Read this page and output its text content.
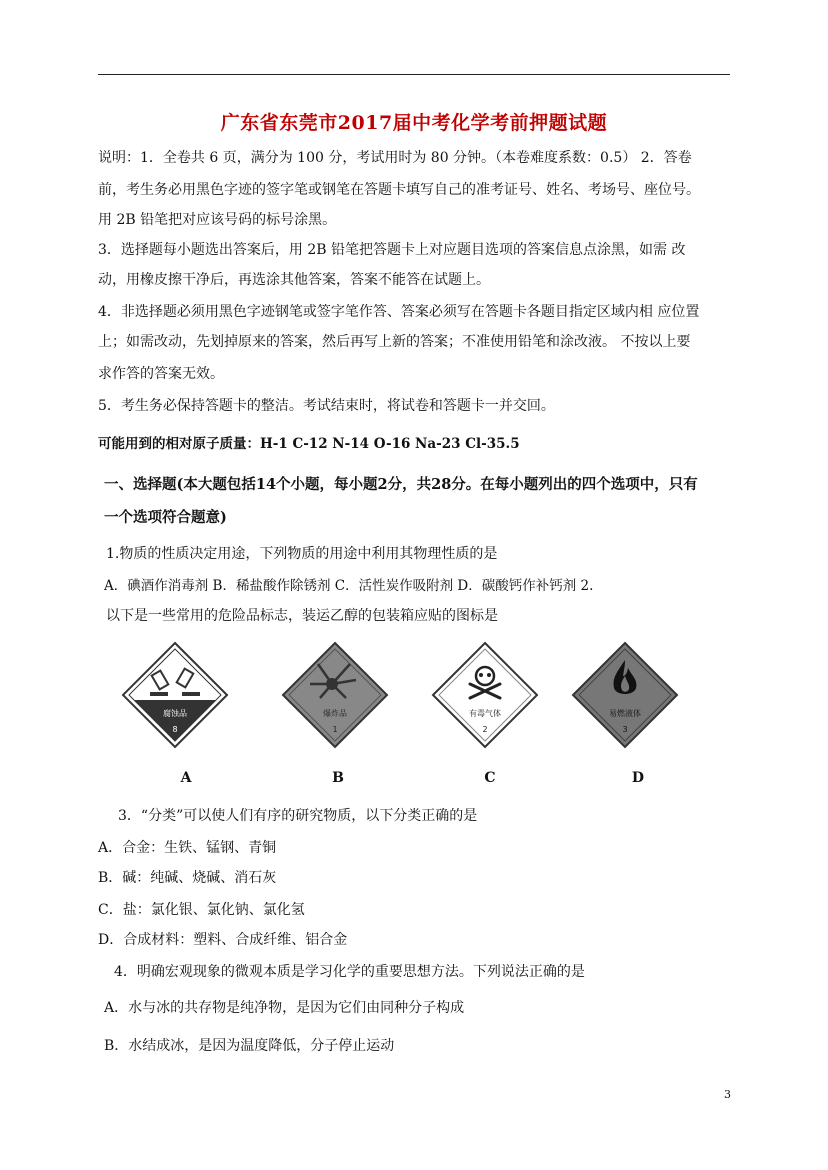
广东省东莞市2017届中考化学考前押题试题
说明：1．全卷共 6 页，满分为 100 分，考试用时为 80 分钟。（本卷难度系数：0.5） 2．答卷
前，考生务必用黑色字迹的签字笔或钢笔在答题卡填写自己的准考证号、姓名、考场号、座位号。
用 2B 铅笔把对应该号码的标号涂黑。
3．选择题每小题选出答案后，用 2B 铅笔把答题卡上对应题目选项的答案信息点涂黑，如需 改
动，用橡皮擦干净后，再选涂其他答案，答案不能答在试题上。
4．非选择题必须用黑色字迹钢笔或签字笔作答、答案必须写在答题卡各题目指定区域内相 应位置
上；如需改动，先划掉原来的答案，然后再写上新的答案；不准使用铅笔和涂改液。 不按以上要
求作答的答案无效。
5．考生务必保持答题卡的整洁。考试结束时，将试卷和答题卡一并交回。
可能用到的相对原子质量：H-1 C-12 N-14 O-16 Na-23 Cl-35.5
一、选择题(本大题包括14个小题，每小题2分，共28分。在每小题列出的四个选项中，只有
一个选项符合题意)
1.物质的性质决定用途，下列物质的用途中利用其物理性质的是
A．碘酒作消毒剂 B．稀盐酸作除锈剂 C．活性炭作吸附剂 D．碳酸钙作补钙剂 2.
以下是一些常用的危险品标志，装运乙醇的包装箱应贴的图标是
腐蚀品
8
爆炸品
1
有毒气体
2
易燃液体
3
A	B	C	D
3．“分类”可以使人们有序的研究物质，以下分类正确的是
A．合金：生铁、锰钢、青铜
B．碱：纯碱、烧碱、消石灰
C．盐：氯化银、氯化钠、氯化氢
D．合成材料：塑料、合成纤维、铝合金
4．明确宏观现象的微观本质是学习化学的重要思想方法。下列说法正确的是
A．水与冰的共存物是纯净物，是因为它们由同种分子构成
B．水结成冰，是因为温度降低，分子停止运动
3
